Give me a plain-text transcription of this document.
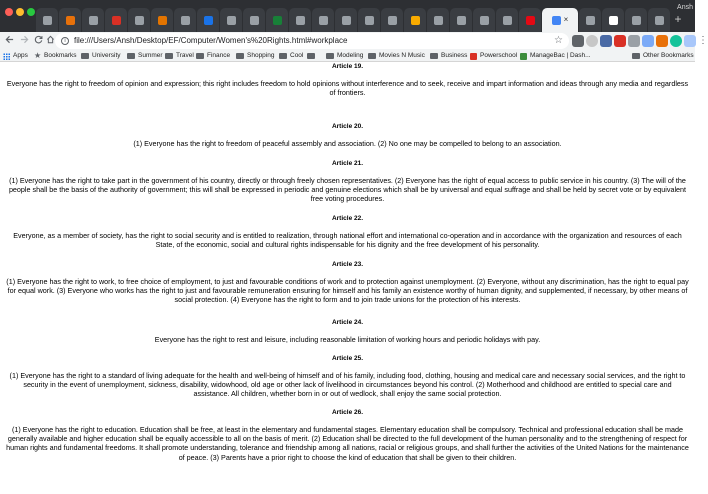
×	+
Ansh
i	file:///Users/Ansh/Desktop/EF/Computer/Women's%20Rights.html#workplace	☆	⋮
Apps ★ Bookmarks University	Summer Travel Finance	Shopping Cool	Modeling Movies N Music Business Powerschool ManageBac | Dash...	Other Bookmarks
Article 19.

Everyone has the right to freedom of opinion and expression; this right includes freedom to hold opinions without interference and to seek, receive and impart information and ideas through any media and regardless of frontiers.

Article 20.

(1) Everyone has the right to freedom of peaceful assembly and association. (2) No one may be compelled to belong to an association.

Article 21.

(1) Everyone has the right to take part in the government of his country, directly or through freely chosen representatives. (2) Everyone has the right of equal access to public service in his country. (3) The will of the people shall be the basis of the authority of government; this will shall be expressed in periodic and genuine elections which shall be by universal and equal suffrage and shall be held by secret vote or by equivalent free voting procedures.

Article 22.

Everyone, as a member of society, has the right to social security and is entitled to realization, through national effort and international co-operation and in accordance with the organization and resources of each State, of the economic, social and cultural rights indispensable for his dignity and the free development of his personality.

Article 23.

(1) Everyone has the right to work, to free choice of employment, to just and favourable conditions of work and to protection against unemployment. (2) Everyone, without any discrimination, has the right to equal pay for equal work. (3) Everyone who works has the right to just and favourable remuneration ensuring for himself and his family an existence worthy of human dignity, and supplemented, if necessary, by other means of social protection. (4) Everyone has the right to form and to join trade unions for the protection of his interests.

Article 24.

Everyone has the right to rest and leisure, including reasonable limitation of working hours and periodic holidays with pay.

Article 25.

(1) Everyone has the right to a standard of living adequate for the health and well-being of himself and of his family, including food, clothing, housing and medical care and necessary social services, and the right to security in the event of unemployment, sickness, disability, widowhood, old age or other lack of livelihood in circumstances beyond his control. (2) Motherhood and childhood are entitled to special care and assistance. All children, whether born in or out of wedlock, shall enjoy the same social protection.

Article 26.

(1) Everyone has the right to education. Education shall be free, at least in the elementary and fundamental stages. Elementary education shall be compulsory. Technical and professional education shall be made generally available and higher education shall be equally accessible to all on the basis of merit. (2) Education shall be directed to the full development of the human personality and to the strengthening of respect for human rights and fundamental freedoms. It shall promote understanding, tolerance and friendship among all nations, racial or religious groups, and shall further the activities of the United Nations for the maintenance of peace. (3) Parents have a prior right to choose the kind of education that shall be given to their children.
